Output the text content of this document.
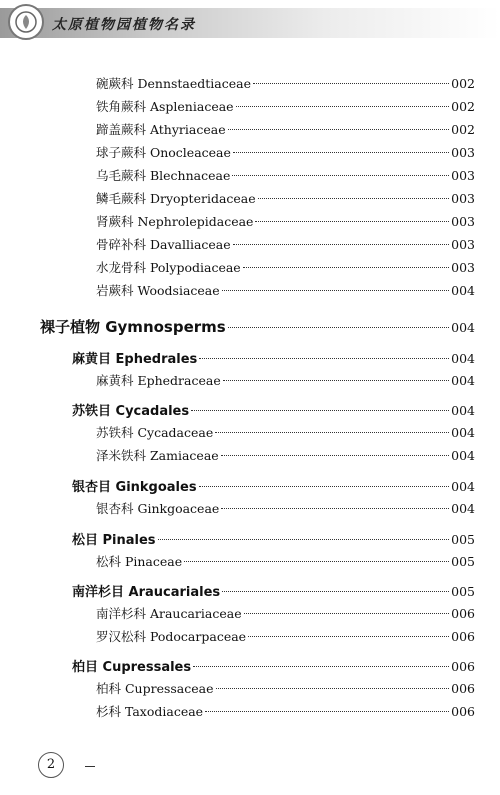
太原植物园植物名录
碗蕨科 Dennstaedtiaceae	002
铁角蕨科 Aspleniaceae	002
蹄盖蕨科 Athyriaceae	002
球子蕨科 Onocleaceae	003
乌毛蕨科 Blechnaceae	003
鳞毛蕨科 Dryopteridaceae	003
肾蕨科 Nephrolepidaceae	003
骨碎补科 Davalliaceae	003
水龙骨科 Polypodiaceae	003
岩蕨科 Woodsiaceae	004
裸子植物 Gymnosperms	004
麻黄目 Ephedrales	004
麻黄科 Ephedraceae	004
苏铁目 Cycadales	004
苏铁科 Cycadaceae	004
泽米铁科 Zamiaceae	004
银杏目 Ginkgoales	004
银杏科 Ginkgoaceae	004
松目 Pinales	005
松科 Pinaceae	005
南洋杉目 Araucariales	005
南洋杉科 Araucariaceae	006
罗汉松科 Podocarpaceae	006
柏目 Cupressales	006
柏科 Cupressaceae	006
杉科 Taxodiaceae	006
2
